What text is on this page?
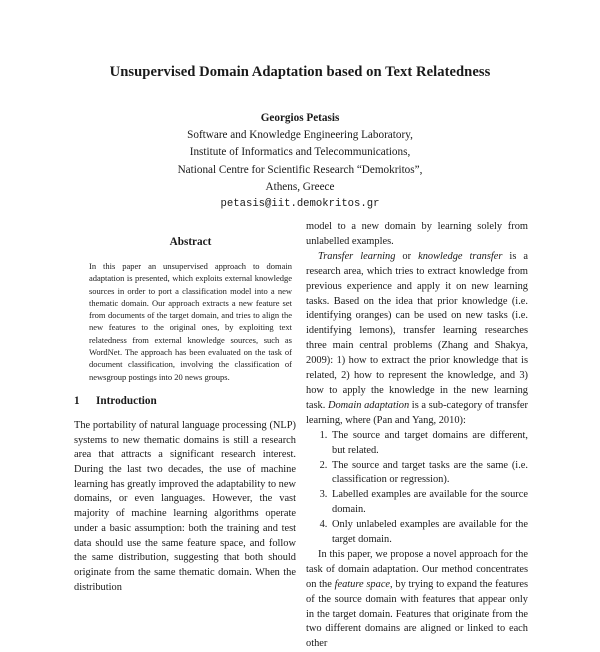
Unsupervised Domain Adaptation based on Text Relatedness
Georgios Petasis
Software and Knowledge Engineering Laboratory,
Institute of Informatics and Telecommunications,
National Centre for Scientific Research “Demokritos”,
Athens, Greece
petasis@iit.demokritos.gr
Abstract
In this paper an unsupervised approach to domain adaptation is presented, which exploits external knowledge sources in order to port a classification model into a new thematic domain. Our approach extracts a new feature set from documents of the target domain, and tries to align the new features to the original ones, by exploiting text relatedness from external knowledge sources, such as WordNet. The approach has been evaluated on the task of document classification, involving the classification of newsgroup postings into 20 news groups.
1 Introduction
The portability of natural language processing (NLP) systems to new thematic domains is still a research area that attracts a significant research interest. During the last two decades, the use of machine learning has greatly improved the adaptability to new domains, or even languages. However, the vast majority of machine learning algorithms operate under a basic assumption: both the training and test data should use the same feature space, and follow the same distribution, suggesting that both should originate from the same thematic domain. When the distribution

model to a new domain by learning solely from unlabelled examples.

Transfer learning or knowledge transfer is a research area, which tries to extract knowledge from previous experience and apply it on new learning tasks. Based on the idea that prior knowledge (i.e. identifying oranges) can be used on new tasks (i.e. identifying lemons), transfer learning researches three main central problems (Zhang and Shakya, 2009): 1) how to extract the prior knowledge that is related, 2) how to represent the knowledge, and 3) how to apply the knowledge in the new learning task. Domain adaptation is a sub-category of transfer learning, where (Pan and Yang, 2010):

1. The source and target domains are different, but related.
2. The source and target tasks are the same (i.e. classification or regression).
3. Labelled examples are available for the source domain.
4. Only unlabeled examples are available for the target domain.

In this paper, we propose a novel approach for the task of domain adaptation. Our method concentrates on the feature space, by trying to expand the features of the source domain with features that appear only in the target domain. Features that originate from the two different domains are aligned or linked to each other
